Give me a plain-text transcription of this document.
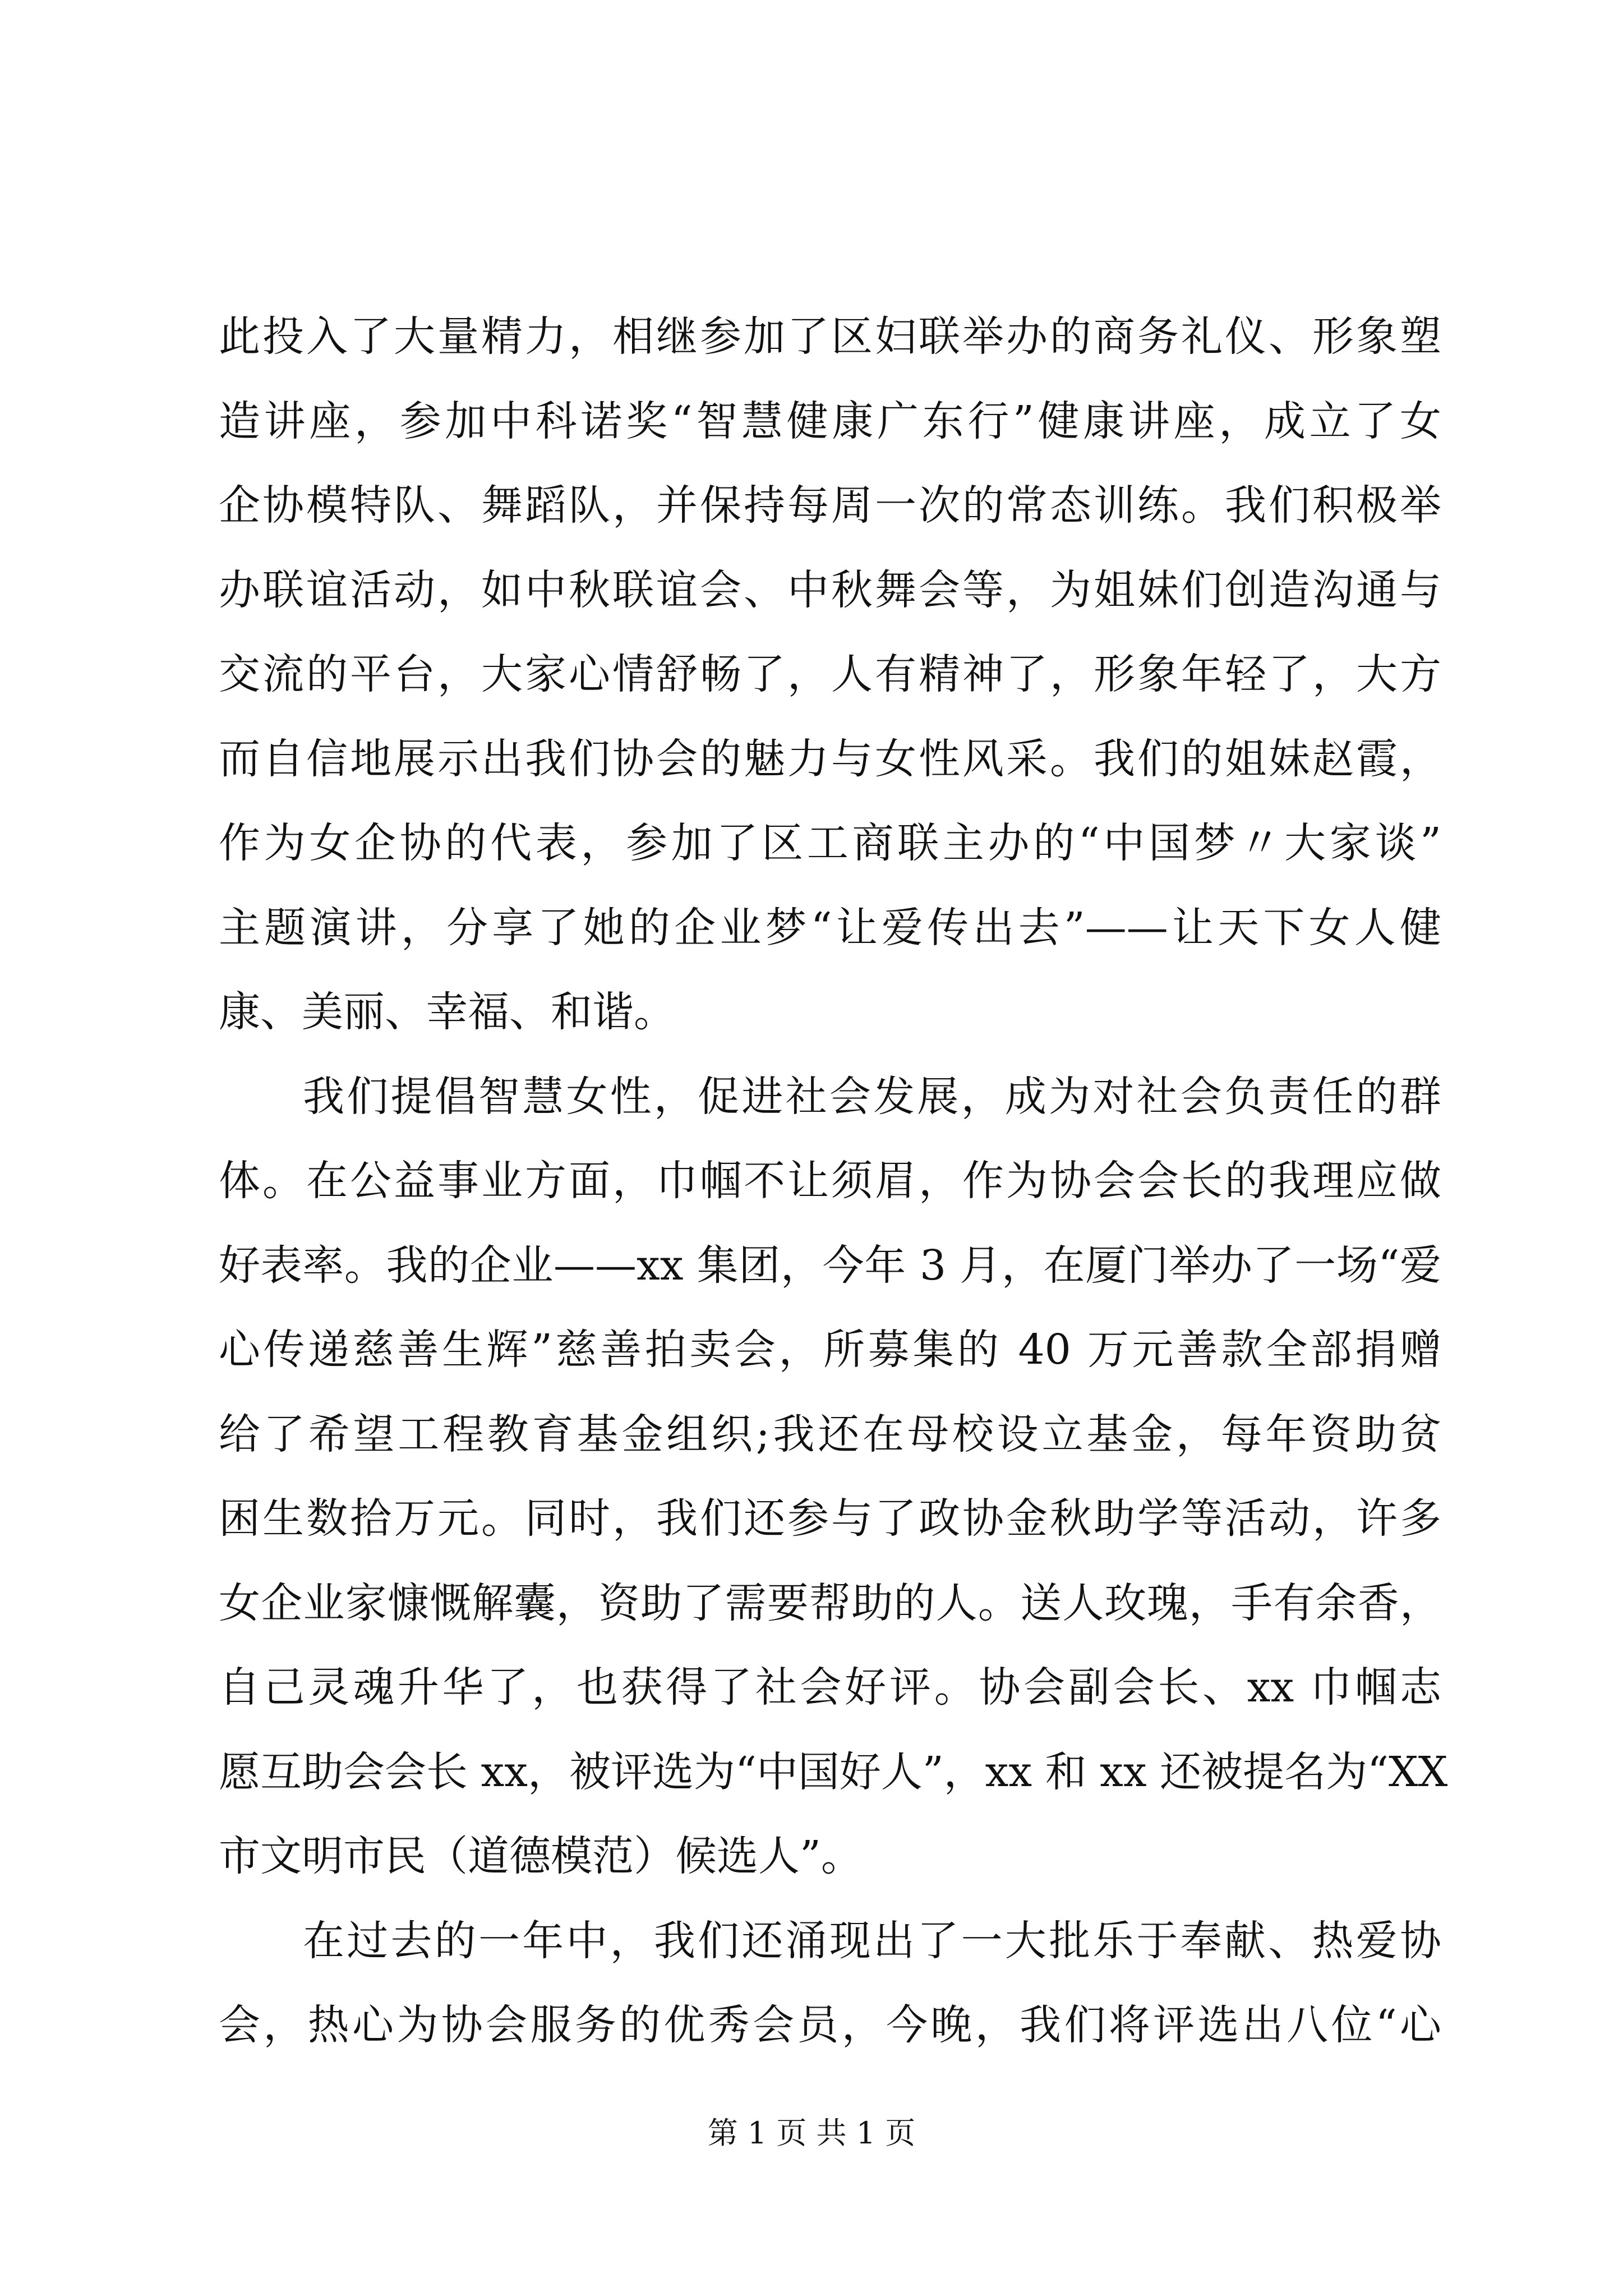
此投入了大量精力，相继参加了区妇联举办的商务礼仪、形象塑
造讲座，参加中科诺奖“智慧健康广东行”健康讲座，成立了女
企协模特队、舞蹈队，并保持每周一次的常态训练。我们积极举
办联谊活动，如中秋联谊会、中秋舞会等，为姐妹们创造沟通与
交流的平台，大家心情舒畅了，人有精神了，形象年轻了，大方
而自信地展示出我们协会的魅力与女性风采。我们的姐妹赵霞，
作为女企协的代表，参加了区工商联主办的“中国梦〃大家谈”
主题演讲，分享了她的企业梦“让爱传出去”——让天下女人健
康、美丽、幸福、和谐。
我们提倡智慧女性，促进社会发展，成为对社会负责任的群
体。在公益事业方面，巾帼不让须眉，作为协会会长的我理应做
好表率。我的企业——xx 集团，今年 3 月，在厦门举办了一场“爱
心传递慈善生辉”慈善拍卖会，所募集的 40 万元善款全部捐赠
给了希望工程教育基金组织;我还在母校设立基金，每年资助贫
困生数拾万元。同时，我们还参与了政协金秋助学等活动，许多
女企业家慷慨解囊，资助了需要帮助的人。送人玫瑰，手有余香，
自己灵魂升华了，也获得了社会好评。协会副会长、xx 巾帼志
愿互助会会长 xx，被评选为“中国好人”，xx 和 xx 还被提名为“XX
市文明市民（道德模范）候选人”。
在过去的一年中，我们还涌现出了一大批乐于奉献、热爱协
会，热心为协会服务的优秀会员，今晚，我们将评选出八位“心
第 1 页 共 1 页
